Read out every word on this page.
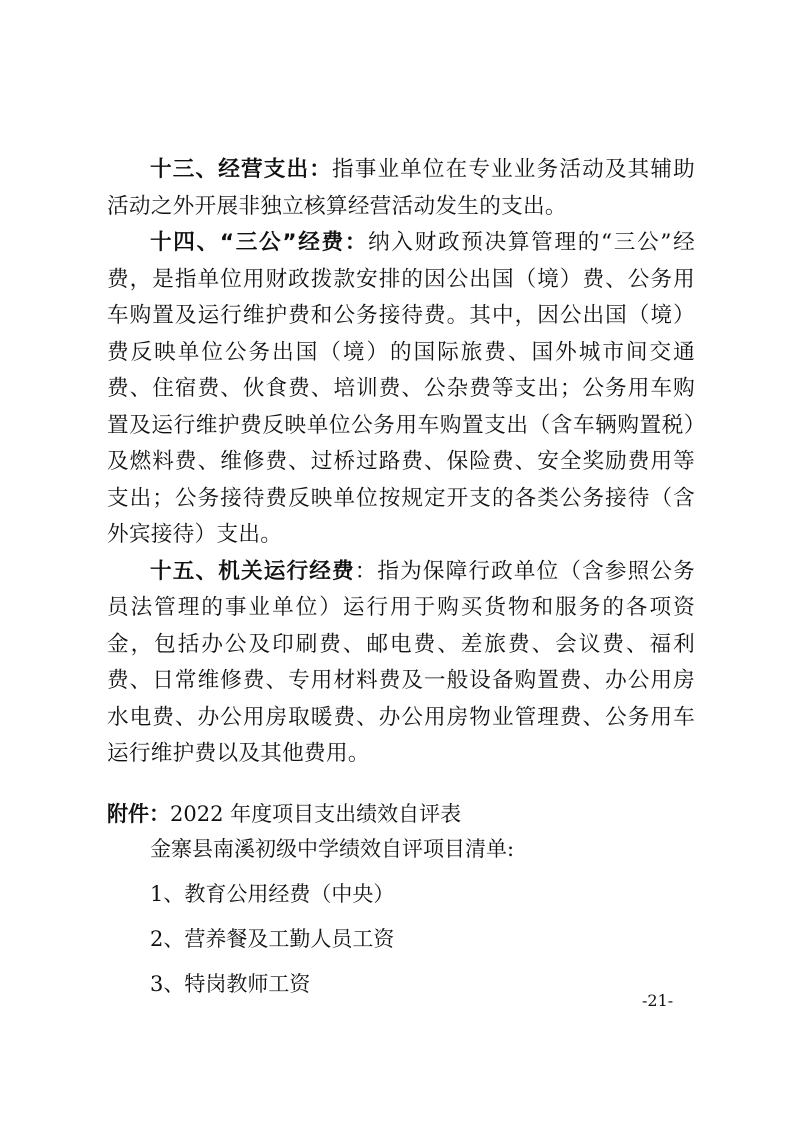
十三、经营支出：指事业单位在专业业务活动及其辅助活动之外开展非独立核算经营活动发生的支出。

十四、“三公”经费：纳入财政预决算管理的“三公”经费，是指单位用财政拨款安排的因公出国（境）费、公务用车购置及运行维护费和公务接待费。其中，因公出国（境）费反映单位公务出国（境）的国际旅费、国外城市间交通费、住宿费、伙食费、培训费、公杂费等支出；公务用车购置及运行维护费反映单位公务用车购置支出（含车辆购置税）及燃料费、维修费、过桥过路费、保险费、安全奖励费用等支出；公务接待费反映单位按规定开支的各类公务接待（含外宾接待）支出。

十五、机关运行经费：指为保障行政单位（含参照公务员法管理的事业单位）运行用于购买货物和服务的各项资金，包括办公及印刷费、邮电费、差旅费、会议费、福利费、日常维修费、专用材料费及一般设备购置费、办公用房水电费、办公用房取暖费、办公用房物业管理费、公务用车运行维护费以及其他费用。

附件：2022 年度项目支出绩效自评表

金寨县南溪初级中学绩效自评项目清单:
1、教育公用经费（中央）
2、营养餐及工勤人员工资
3、特岗教师工资
-21-
